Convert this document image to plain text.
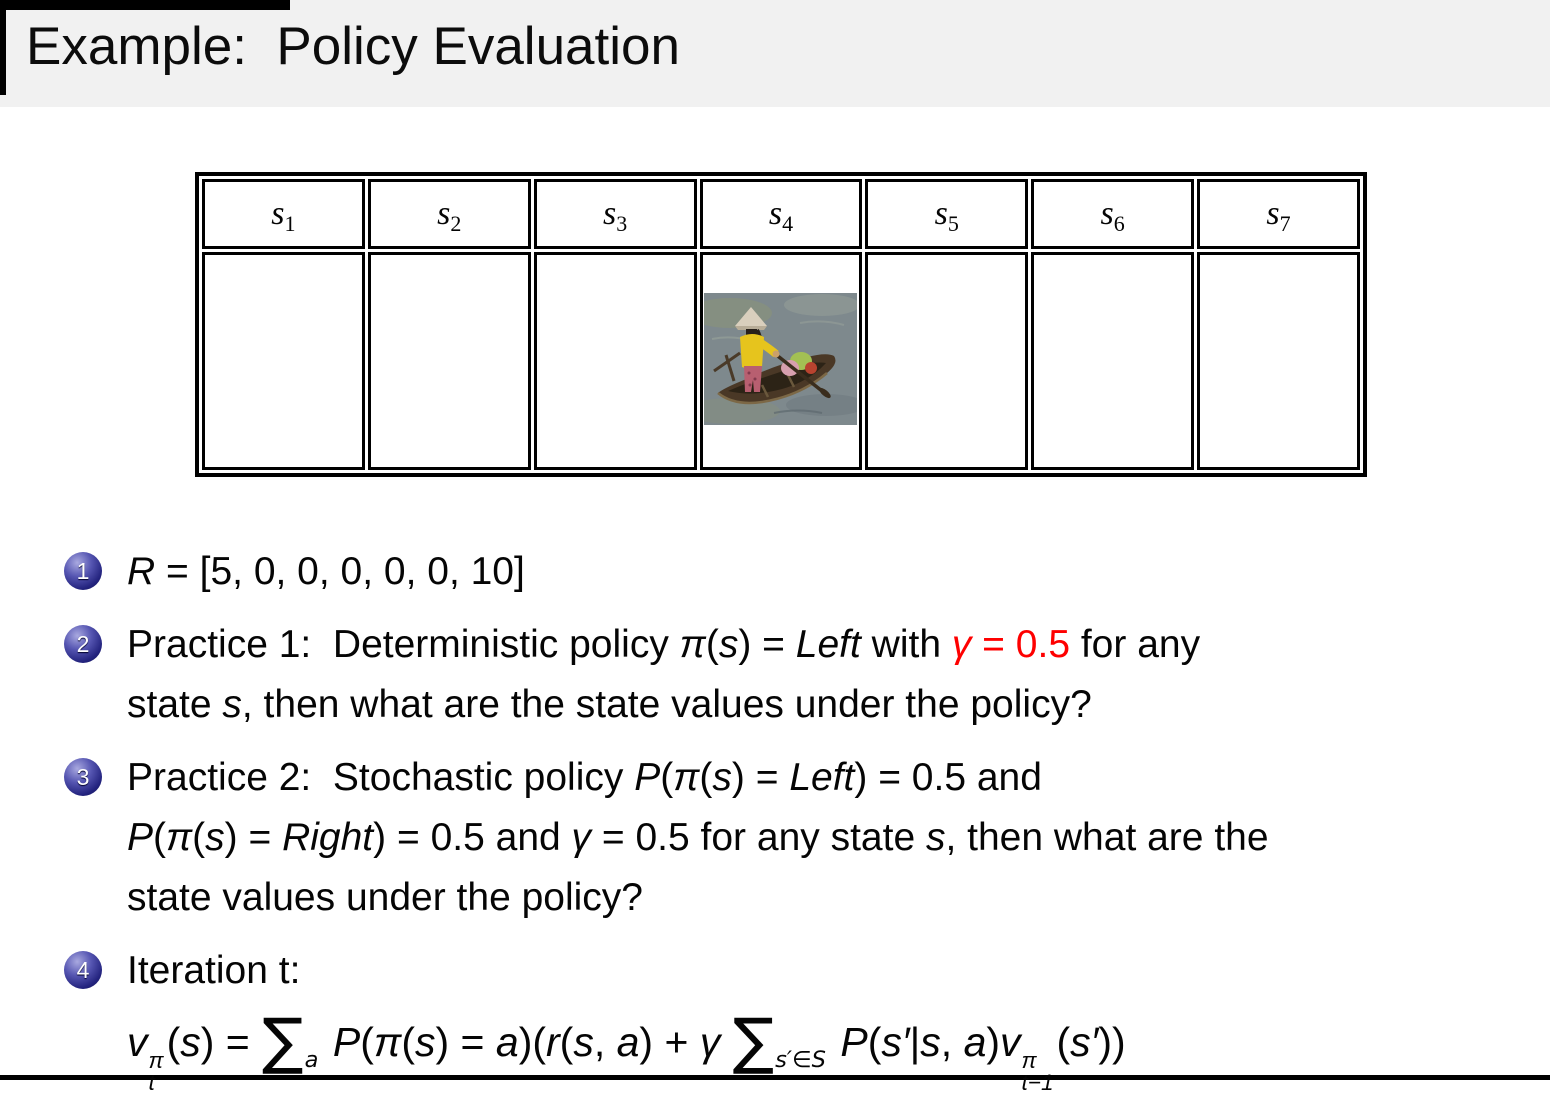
Example:  Policy Evaluation
$s_1$	$s_2$	$s_3$	$s_4$	$s_5$	$s_6$	$s_7$

1 R = [5, 0, 0, 0, 0, 0, 10]
2 Practice 1:  Deterministic policy π(s) = Left with γ = 0.5 for any
state s, then what are the state values under the policy?
3 Practice 2:  Stochastic policy P(π(s) = Left) = 0.5 and
P(π(s) = Right) = 0.5 and γ = 0.5 for any state s, then what are the
state values under the policy?
4 Iteration t:
v π
t
$(s) = \sum_a$ P(π(s) = a)(r(s, a) + γ $\sum_{s'\in S}$ P(s′|s, a)v π
t−1
(s′))
